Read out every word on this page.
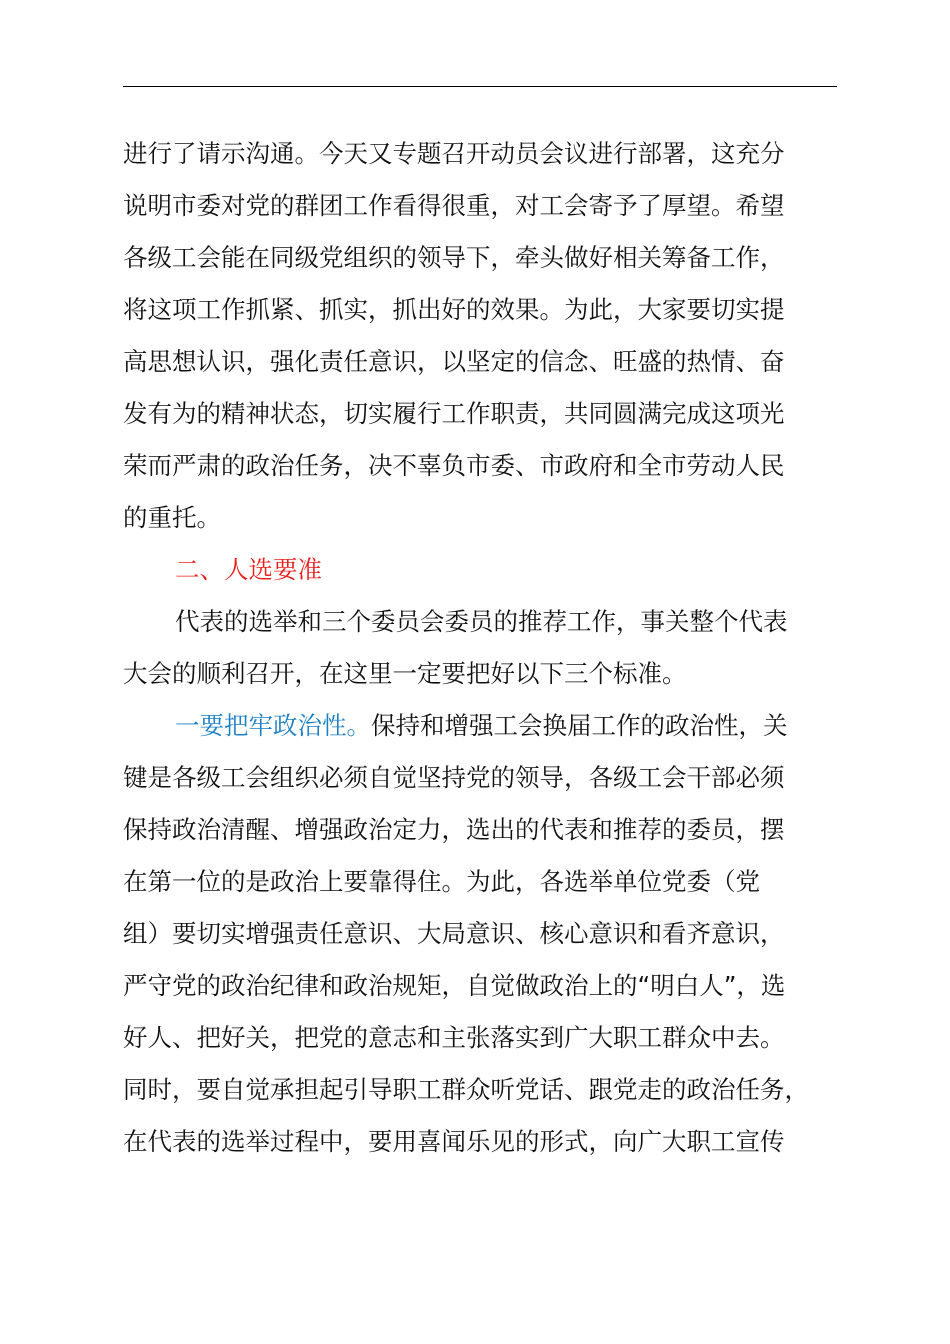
进行了请示沟通。今天又专题召开动员会议进行部署，这充分
说明市委对党的群团工作看得很重，对工会寄予了厚望。希望
各级工会能在同级党组织的领导下，牵头做好相关筹备工作，
将这项工作抓紧、抓实，抓出好的效果。为此，大家要切实提
高思想认识，强化责任意识，以坚定的信念、旺盛的热情、奋
发有为的精神状态，切实履行工作职责，共同圆满完成这项光
荣而严肃的政治任务，决不辜负市委、市政府和全市劳动人民
的重托。
二、人选要准
代表的选举和三个委员会委员的推荐工作，事关整个代表
大会的顺利召开，在这里一定要把好以下三个标准。
一要把牢政治性。保持和增强工会换届工作的政治性，关
键是各级工会组织必须自觉坚持党的领导，各级工会干部必须
保持政治清醒、增强政治定力，选出的代表和推荐的委员，摆
在第一位的是政治上要靠得住。为此，各选举单位党委（党
组）要切实增强责任意识、大局意识、核心意识和看齐意识，
严守党的政治纪律和政治规矩，自觉做政治上的“明白人”，选
好人、把好关，把党的意志和主张落实到广大职工群众中去。
同时，要自觉承担起引导职工群众听党话、跟党走的政治任务，
在代表的选举过程中，要用喜闻乐见的形式，向广大职工宣传
